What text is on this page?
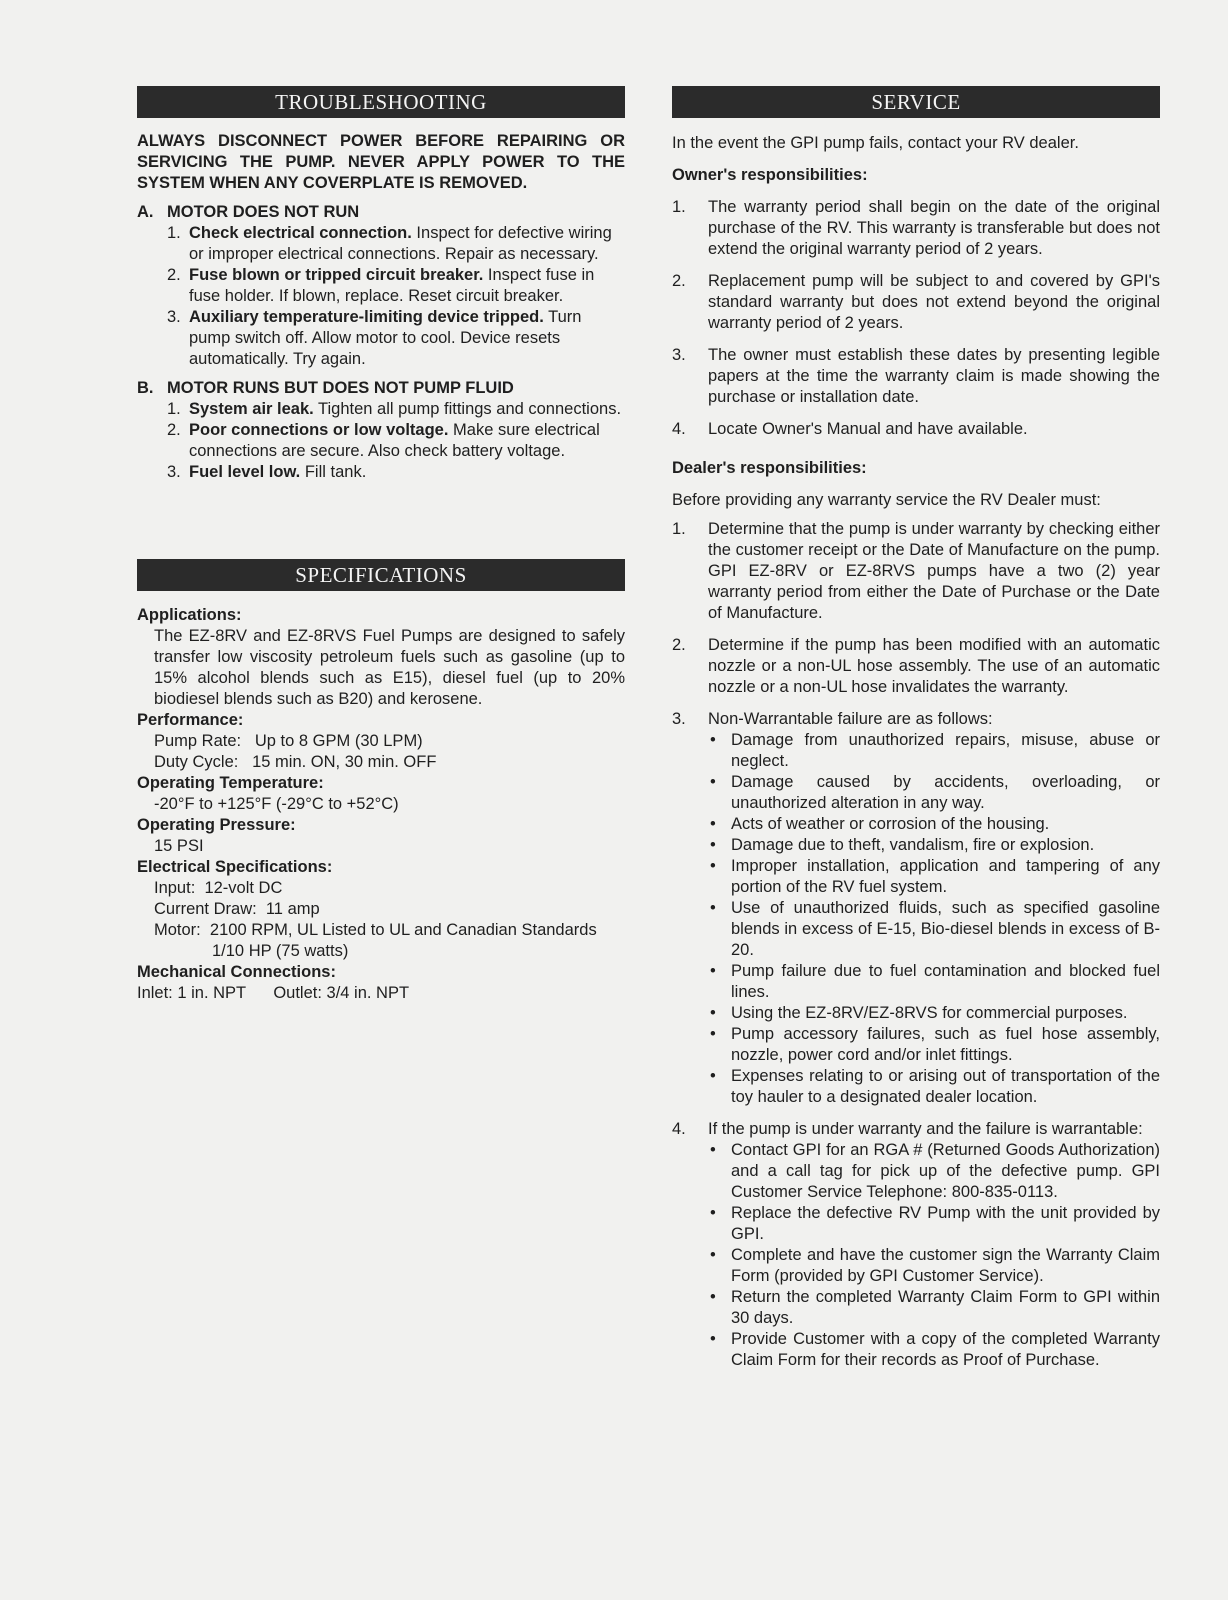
TROUBLESHOOTING
ALWAYS DISCONNECT POWER BEFORE REPAIRING OR SERVICING THE PUMP. NEVER APPLY POWER TO THE SYSTEM WHEN ANY COVERPLATE IS REMOVED.
A. MOTOR DOES NOT RUN
1. Check electrical connection. Inspect for defective wiring or improper electrical connections. Repair as necessary.
2. Fuse blown or tripped circuit breaker. Inspect fuse in fuse holder. If blown, replace. Reset circuit breaker.
3. Auxiliary temperature-limiting device tripped. Turn pump switch off. Allow motor to cool. Device resets automatically. Try again.
B. MOTOR RUNS BUT DOES NOT PUMP FLUID
1. System air leak. Tighten all pump fittings and connections.
2. Poor connections or low voltage. Make sure electrical connections are secure. Also check battery voltage.
3. Fuel level low. Fill tank.
SPECIFICATIONS
Applications:
The EZ-8RV and EZ-8RVS Fuel Pumps are designed to safely transfer low viscosity petroleum fuels such as gasoline (up to 15% alcohol blends such as E15), diesel fuel (up to 20% biodiesel blends such as B20) and kerosene.
Performance:
Pump Rate:   Up to 8 GPM (30 LPM)
Duty Cycle:   15 min. ON, 30 min. OFF
Operating Temperature:
-20°F to +125°F (-29°C to +52°C)
Operating Pressure:
15 PSI
Electrical Specifications:
Input:  12-volt DC
Current Draw:  11 amp
Motor:  2100 RPM, UL Listed to UL and Canadian Standards
1/10 HP (75 watts)
Mechanical Connections:
Inlet: 1 in. NPT      Outlet: 3/4 in. NPT
SERVICE
In the event the GPI pump fails, contact your RV dealer.
Owner's responsibilities:
1. The warranty period shall begin on the date of the original purchase of the RV. This warranty is transferable but does not extend the original warranty period of 2 years.
2. Replacement pump will be subject to and covered by GPI's standard warranty but does not extend beyond the original warranty period of 2 years.
3. The owner must establish these dates by presenting legible papers at the time the warranty claim is made showing the purchase or installation date.
4. Locate Owner's Manual and have available.
Dealer's responsibilities:
Before providing any warranty service the RV Dealer must:
1. Determine that the pump is under warranty by checking either the customer receipt or the Date of Manufacture on the pump. GPI EZ-8RV or EZ-8RVS pumps have a two (2) year warranty period from either the Date of Purchase or the Date of Manufacture.
2. Determine if the pump has been modified with an automatic nozzle or a non-UL hose assembly. The use of an automatic nozzle or a non-UL hose invalidates the warranty.
3. Non-Warrantable failure are as follows:
• Damage from unauthorized repairs, misuse, abuse or neglect.
• Damage caused by accidents, overloading, or unauthorized alteration in any way.
• Acts of weather or corrosion of the housing.
• Damage due to theft, vandalism, fire or explosion.
• Improper installation, application and tampering of any portion of the RV fuel system.
• Use of unauthorized fluids, such as specified gasoline blends in excess of E-15, Bio-diesel blends in excess of B-20.
• Pump failure due to fuel contamination and blocked fuel lines.
• Using the EZ-8RV/EZ-8RVS for commercial purposes.
• Pump accessory failures, such as fuel hose assembly, nozzle, power cord and/or inlet fittings.
• Expenses relating to or arising out of transportation of the toy hauler to a designated dealer location.
4. If the pump is under warranty and the failure is warrantable:
• Contact GPI for an RGA # (Returned Goods Authorization) and a call tag for pick up of the defective pump. GPI Customer Service Telephone: 800-835-0113.
• Replace the defective RV Pump with the unit provided by GPI.
• Complete and have the customer sign the Warranty Claim Form (provided by GPI Customer Service).
• Return the completed Warranty Claim Form to GPI within 30 days.
• Provide Customer with a copy of the completed Warranty Claim Form for their records as Proof of Purchase.
